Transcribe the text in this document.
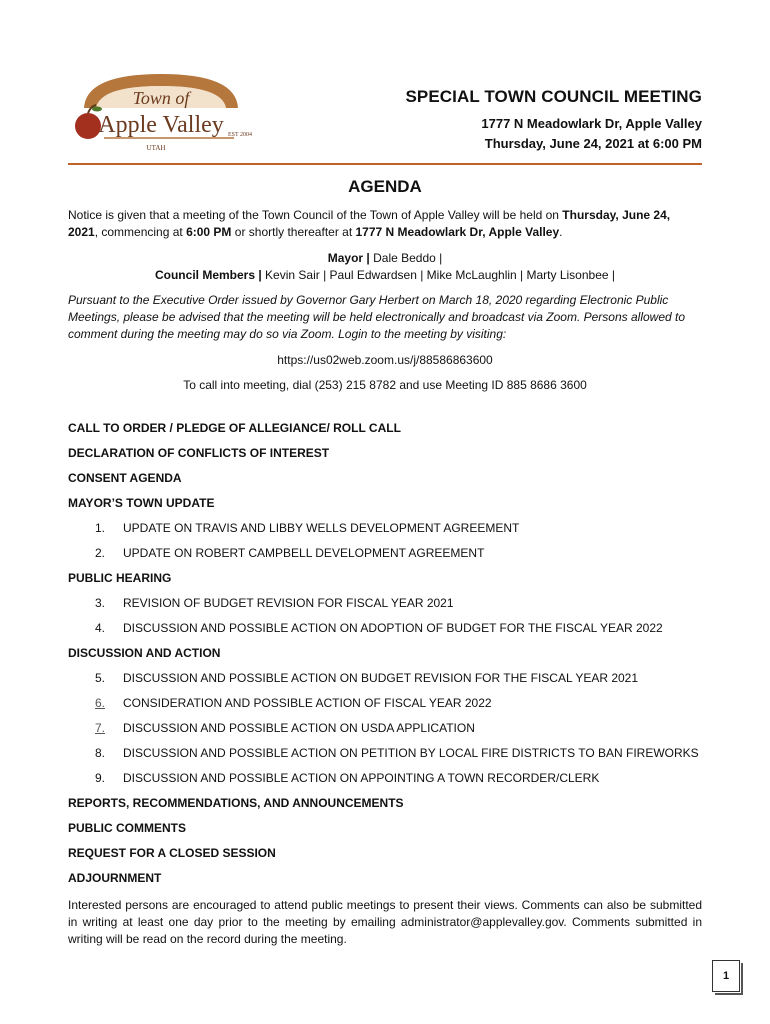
Town of
Apple Valley EST 2004
UTAH
SPECIAL TOWN COUNCIL MEETING
1777 N Meadowlark Dr, Apple Valley
Thursday, June 24, 2021 at 6:00 PM
AGENDA
Notice is given that a meeting of the Town Council of the Town of Apple Valley will be held on Thursday, June 24, 2021, commencing at 6:00 PM or shortly thereafter at 1777 N Meadowlark Dr, Apple Valley.
Mayor | Dale Beddo |
Council Members | Kevin Sair | Paul Edwardsen | Mike McLaughlin | Marty Lisonbee |
Pursuant to the Executive Order issued by Governor Gary Herbert on March 18, 2020 regarding Electronic Public Meetings, please be advised that the meeting will be held electronically and broadcast via Zoom. Persons allowed to comment during the meeting may do so via Zoom. Login to the meeting by visiting:
https://us02web.zoom.us/j/88586863600
To call into meeting, dial (253) 215 8782 and use Meeting ID 885 8686 3600
CALL TO ORDER / PLEDGE OF ALLEGIANCE/ ROLL CALL
DECLARATION OF CONFLICTS OF INTEREST
CONSENT AGENDA
MAYOR’S TOWN UPDATE
1. UPDATE ON TRAVIS AND LIBBY WELLS DEVELOPMENT AGREEMENT
2. UPDATE ON ROBERT CAMPBELL DEVELOPMENT AGREEMENT
PUBLIC HEARING
3. REVISION OF BUDGET REVISION FOR FISCAL YEAR 2021
4. DISCUSSION AND POSSIBLE ACTION ON ADOPTION OF BUDGET FOR THE FISCAL YEAR 2022
DISCUSSION AND ACTION
5. DISCUSSION AND POSSIBLE ACTION ON BUDGET REVISION FOR THE FISCAL YEAR 2021
6. CONSIDERATION AND POSSIBLE ACTION OF FISCAL YEAR 2022
7. DISCUSSION AND POSSIBLE ACTION ON USDA APPLICATION
8. DISCUSSION AND POSSIBLE ACTION ON PETITION BY LOCAL FIRE DISTRICTS TO BAN FIREWORKS
9. DISCUSSION AND POSSIBLE ACTION ON APPOINTING A TOWN RECORDER/CLERK
REPORTS, RECOMMENDATIONS, AND ANNOUNCEMENTS
PUBLIC COMMENTS
REQUEST FOR A CLOSED SESSION
ADJOURNMENT
Interested persons are encouraged to attend public meetings to present their views. Comments can also be submitted in writing at least one day prior to the meeting by emailing administrator@applevalley.gov. Comments submitted in writing will be read on the record during the meeting.
1
